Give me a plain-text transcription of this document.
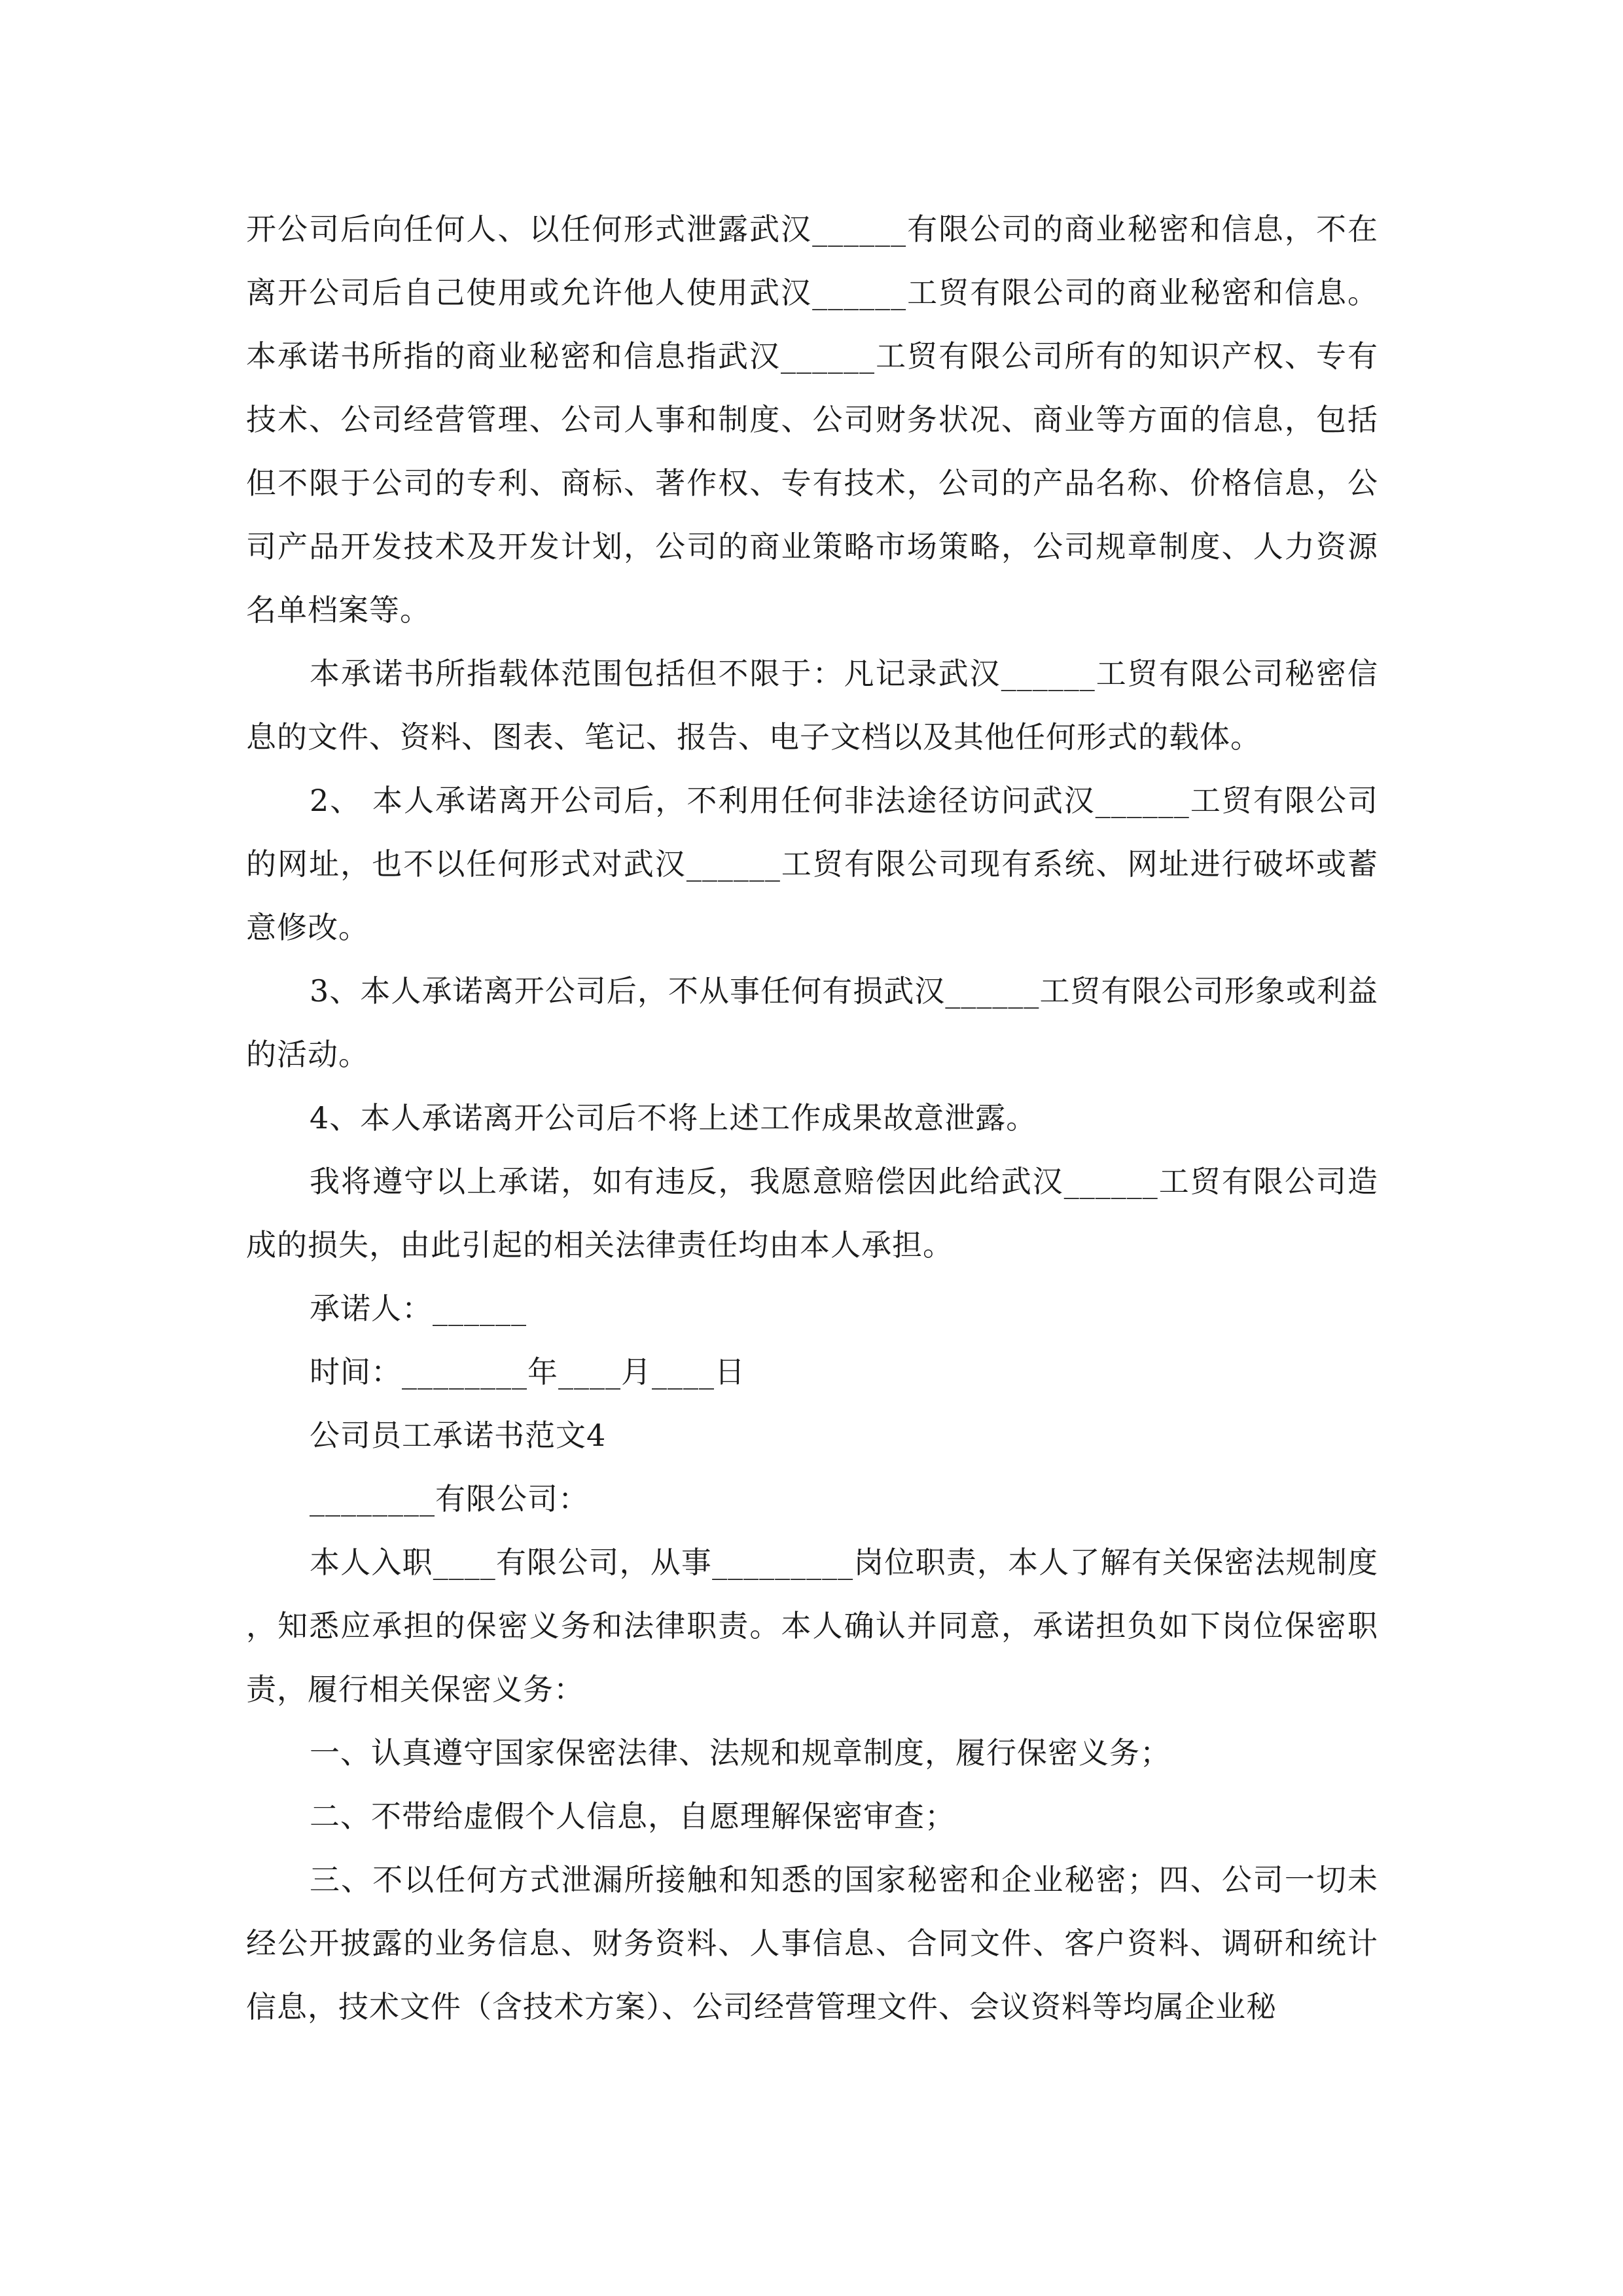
开公司后向任何人、以任何形式泄露武汉______有限公司的商业秘密和信息，不在离开公司后自己使用或允许他人使用武汉______工贸有限公司的商业秘密和信息。 本承诺书所指的商业秘密和信息指武汉______工贸有限公司所有的知识产权、专有技术、公司经营管理、公司人事和制度、公司财务状况、商业等方面的信息，包括但不限于公司的专利、商标、著作权、专有技术，公司的产品名称、价格信息，公司产品开发技术及开发计划，公司的商业策略市场策略，公司规章制度、人力资源名单档案等。

本承诺书所指载体范围包括但不限于：凡记录武汉______工贸有限公司秘密信息的文件、资料、图表、笔记、报告、电子文档以及其他任何形式的载体。

2、 本人承诺离开公司后，不利用任何非法途径访问武汉______工贸有限公司的网址，也不以任何形式对武汉______工贸有限公司现有系统、网址进行破坏或蓄意修改。

3、本人承诺离开公司后，不从事任何有损武汉______工贸有限公司形象或利益的活动。

4、本人承诺离开公司后不将上述工作成果故意泄露。

我将遵守以上承诺，如有违反，我愿意赔偿因此给武汉______工贸有限公司造成的损失，由此引起的相关法律责任均由本人承担。

承诺人：______

时间：________年____月____日

公司员工承诺书范文4

________有限公司：

本人入职____有限公司，从事_________岗位职责，本人了解有关保密法规制度，知悉应承担的保密义务和法律职责。本人确认并同意，承诺担负如下岗位保密职责，履行相关保密义务：

一、认真遵守国家保密法律、法规和规章制度，履行保密义务；

二、不带给虚假个人信息，自愿理解保密审查；

三、不以任何方式泄漏所接触和知悉的国家秘密和企业秘密；四、公司一切未经公开披露的业务信息、财务资料、人事信息、合同文件、客户资料、调研和统计信息，技术文件（含技术方案）、公司经营管理文件、会议资料等均属企业秘
